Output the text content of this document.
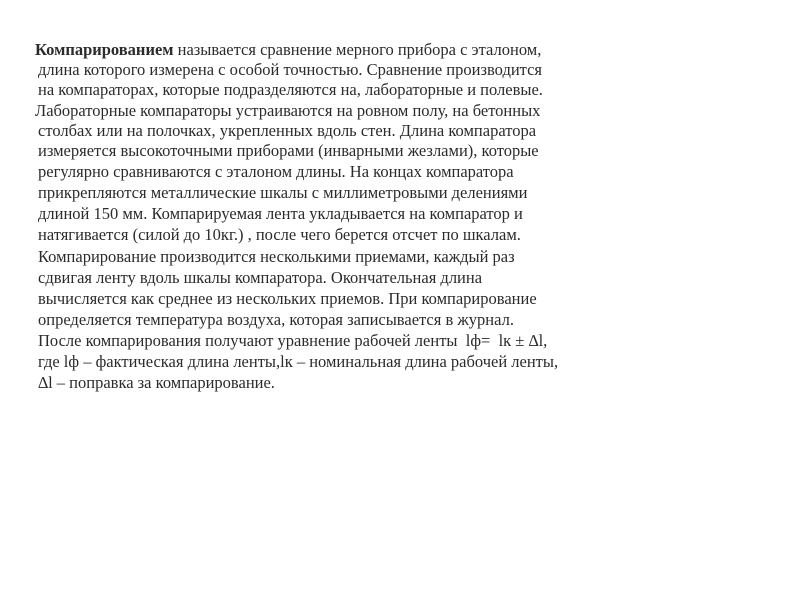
Компарированием называется сравнение мерного прибора с эталоном,
длина которого измерена с особой точностью. Сравнение производится
на компараторах, которые подразделяются на, лабораторные и полевые.
Лабораторные компараторы устраиваются на ровном полу, на бетонных
столбах или на полочках, укрепленных вдоль стен. Длина компаратора
измеряется высокоточными приборами (инварными жезлами), которые
регулярно сравниваются с эталоном длины. На концах компаратора
прикрепляются металлические шкалы с миллиметровыми делениями
длиной 150 мм. Компарируемая лента укладывается на компаратор и
натягивается (силой до 10кг.) , после чего берется отсчет по шкалам.
Компарирование производится несколькими приемами, каждый раз
сдвигая ленту вдоль шкалы компаратора. Окончательная длина
вычисляется как среднее из нескольких приемов. При компарирование
определяется температура воздуха, которая записывается в журнал.
После компарирования получают уравнение рабочей ленты  lф=  lк ± ∆l,
где lф – фактическая длина ленты,lк – номинальная длина рабочей ленты,
∆l – поправка за компарирование.
